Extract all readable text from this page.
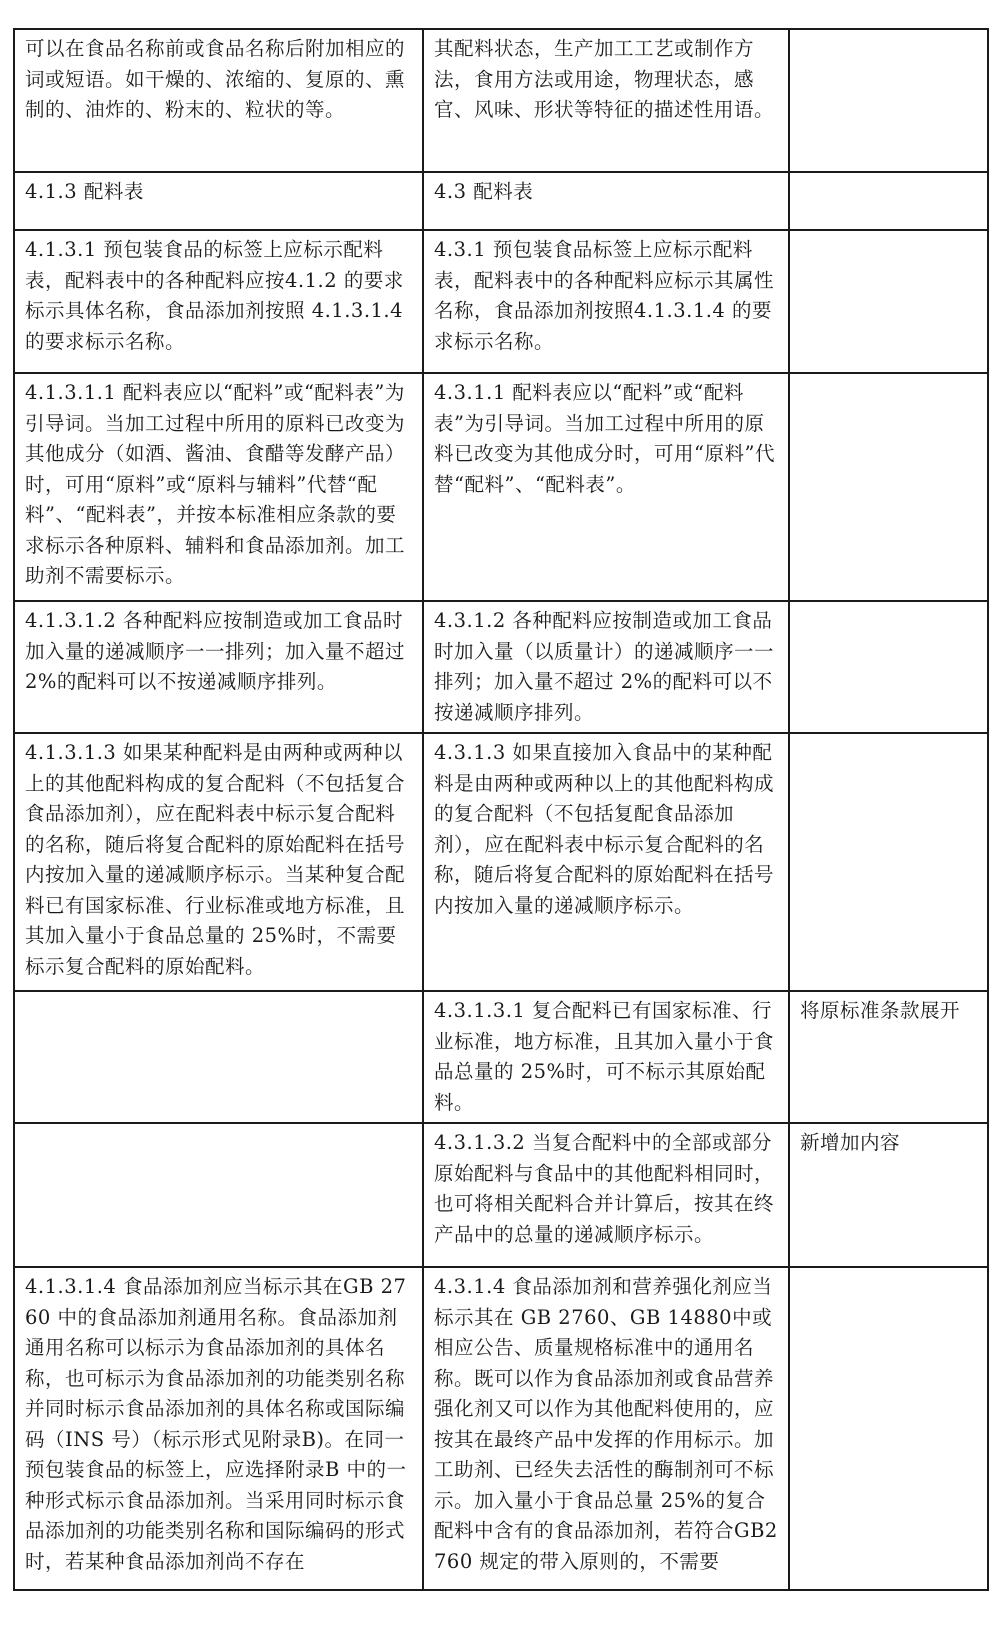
可以在食品名称前或食品名称后附加相应的词或短语。如干燥的、浓缩的、复原的、熏制的、油炸的、粉末的、粒状的等。	其配料状态，生产加工工艺或制作方法，食用方法或用途，物理状态，感官、风味、形状等特征的描述性用语。	
4.1.3 配料表	4.3 配料表	
4.1.3.1 预包装食品的标签上应标示配料表，配料表中的各种配料应按4.1.2 的要求标示具体名称，食品添加剂按照 4.1.3.1.4 的要求标示名称。	4.3.1 预包装食品标签上应标示配料表，配料表中的各种配料应标示其属性名称，食品添加剂按照4.1.3.1.4 的要求标示名称。	
4.1.3.1.1 配料表应以“配料”或“配料表”为引导词。当加工过程中所用的原料已改变为其他成分（如酒、酱油、食醋等发酵产品）时，可用“原料”或“原料与辅料”代替“配料”、“配料表”，并按本标准相应条款的要求标示各种原料、辅料和食品添加剂。加工助剂不需要标示。	4.3.1.1 配料表应以“配料”或“配料表”为引导词。当加工过程中所用的原料已改变为其他成分时，可用“原料”代替“配料”、“配料表”。	
4.1.3.1.2 各种配料应按制造或加工食品时加入量的递减顺序一一排列；加入量不超过 2%的配料可以不按递减顺序排列。	4.3.1.2 各种配料应按制造或加工食品时加入量（以质量计）的递减顺序一一排列；加入量不超过 2%的配料可以不按递减顺序排列。	
4.1.3.1.3 如果某种配料是由两种或两种以上的其他配料构成的复合配料（不包括复合食品添加剂），应在配料表中标示复合配料的名称，随后将复合配料的原始配料在括号内按加入量的递减顺序标示。当某种复合配料已有国家标准、行业标准或地方标准，且其加入量小于食品总量的 25%时，不需要标示复合配料的原始配料。	4.3.1.3 如果直接加入食品中的某种配料是由两种或两种以上的其他配料构成的复合配料（不包括复配食品添加剂），应在配料表中标示复合配料的名称，随后将复合配料的原始配料在括号内按加入量的递减顺序标示。	
	4.3.1.3.1 复合配料已有国家标准、行业标准，地方标准，且其加入量小于食品总量的 25%时，可不标示其原始配料。	将原标准条款展开
	4.3.1.3.2 当复合配料中的全部或部分原始配料与食品中的其他配料相同时，也可将相关配料合并计算后，按其在终产品中的总量的递减顺序标示。	新增加内容
4.1.3.1.4 食品添加剂应当标示其在GB 2760 中的食品添加剂通用名称。食品添加剂通用名称可以标示为食品添加剂的具体名称，也可标示为食品添加剂的功能类别名称并同时标示食品添加剂的具体名称或国际编码（INS 号）（标示形式见附录B)。在同一预包装食品的标签上，应选择附录B 中的一种形式标示食品添加剂。当采用同时标示食品添加剂的功能类别名称和国际编码的形式时，若某种食品添加剂尚不存在	4.3.1.4 食品添加剂和营养强化剂应当标示其在 GB 2760、GB 14880中或相应公告、质量规格标准中的通用名称。既可以作为食品添加剂或食品营养强化剂又可以作为其他配料使用的，应按其在最终产品中发挥的作用标示。加工助剂、已经失去活性的酶制剂可不标示。加入量小于食品总量 25%的复合配料中含有的食品添加剂，若符合GB2760 规定的带入原则的，不需要	
